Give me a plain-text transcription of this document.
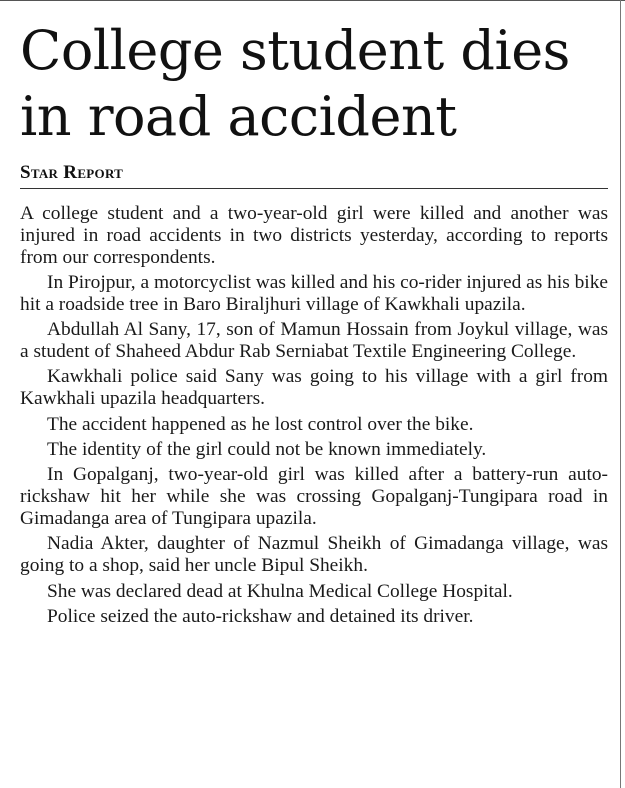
College student dies in road accident
Star Report

A college student and a two-year-old girl were killed and another was injured in road accidents in two districts yesterday, according to reports from our correspondents.

In Pirojpur, a motorcyclist was killed and his co-rider injured as his bike hit a roadside tree in Baro Biraljhuri village of Kawkhali upazila.

Abdullah Al Sany, 17, son of Mamun Hossain from Joykul village, was a student of Shaheed Abdur Rab Serniabat Textile Engineering College.

Kawkhali police said Sany was going to his village with a girl from Kawkhali upazila headquarters.

The accident happened as he lost control over the bike.

The identity of the girl could not be known immediately.

In Gopalganj, two-year-old girl was killed after a battery-run auto-rickshaw hit her while she was crossing Gopalganj-Tungipara road in Gimadanga area of Tungipara upazila.

Nadia Akter, daughter of Nazmul Sheikh of Gimadanga village, was going to a shop, said her uncle Bipul Sheikh.

She was declared dead at Khulna Medical College Hospital.

Police seized the auto-rickshaw and detained its driver.
